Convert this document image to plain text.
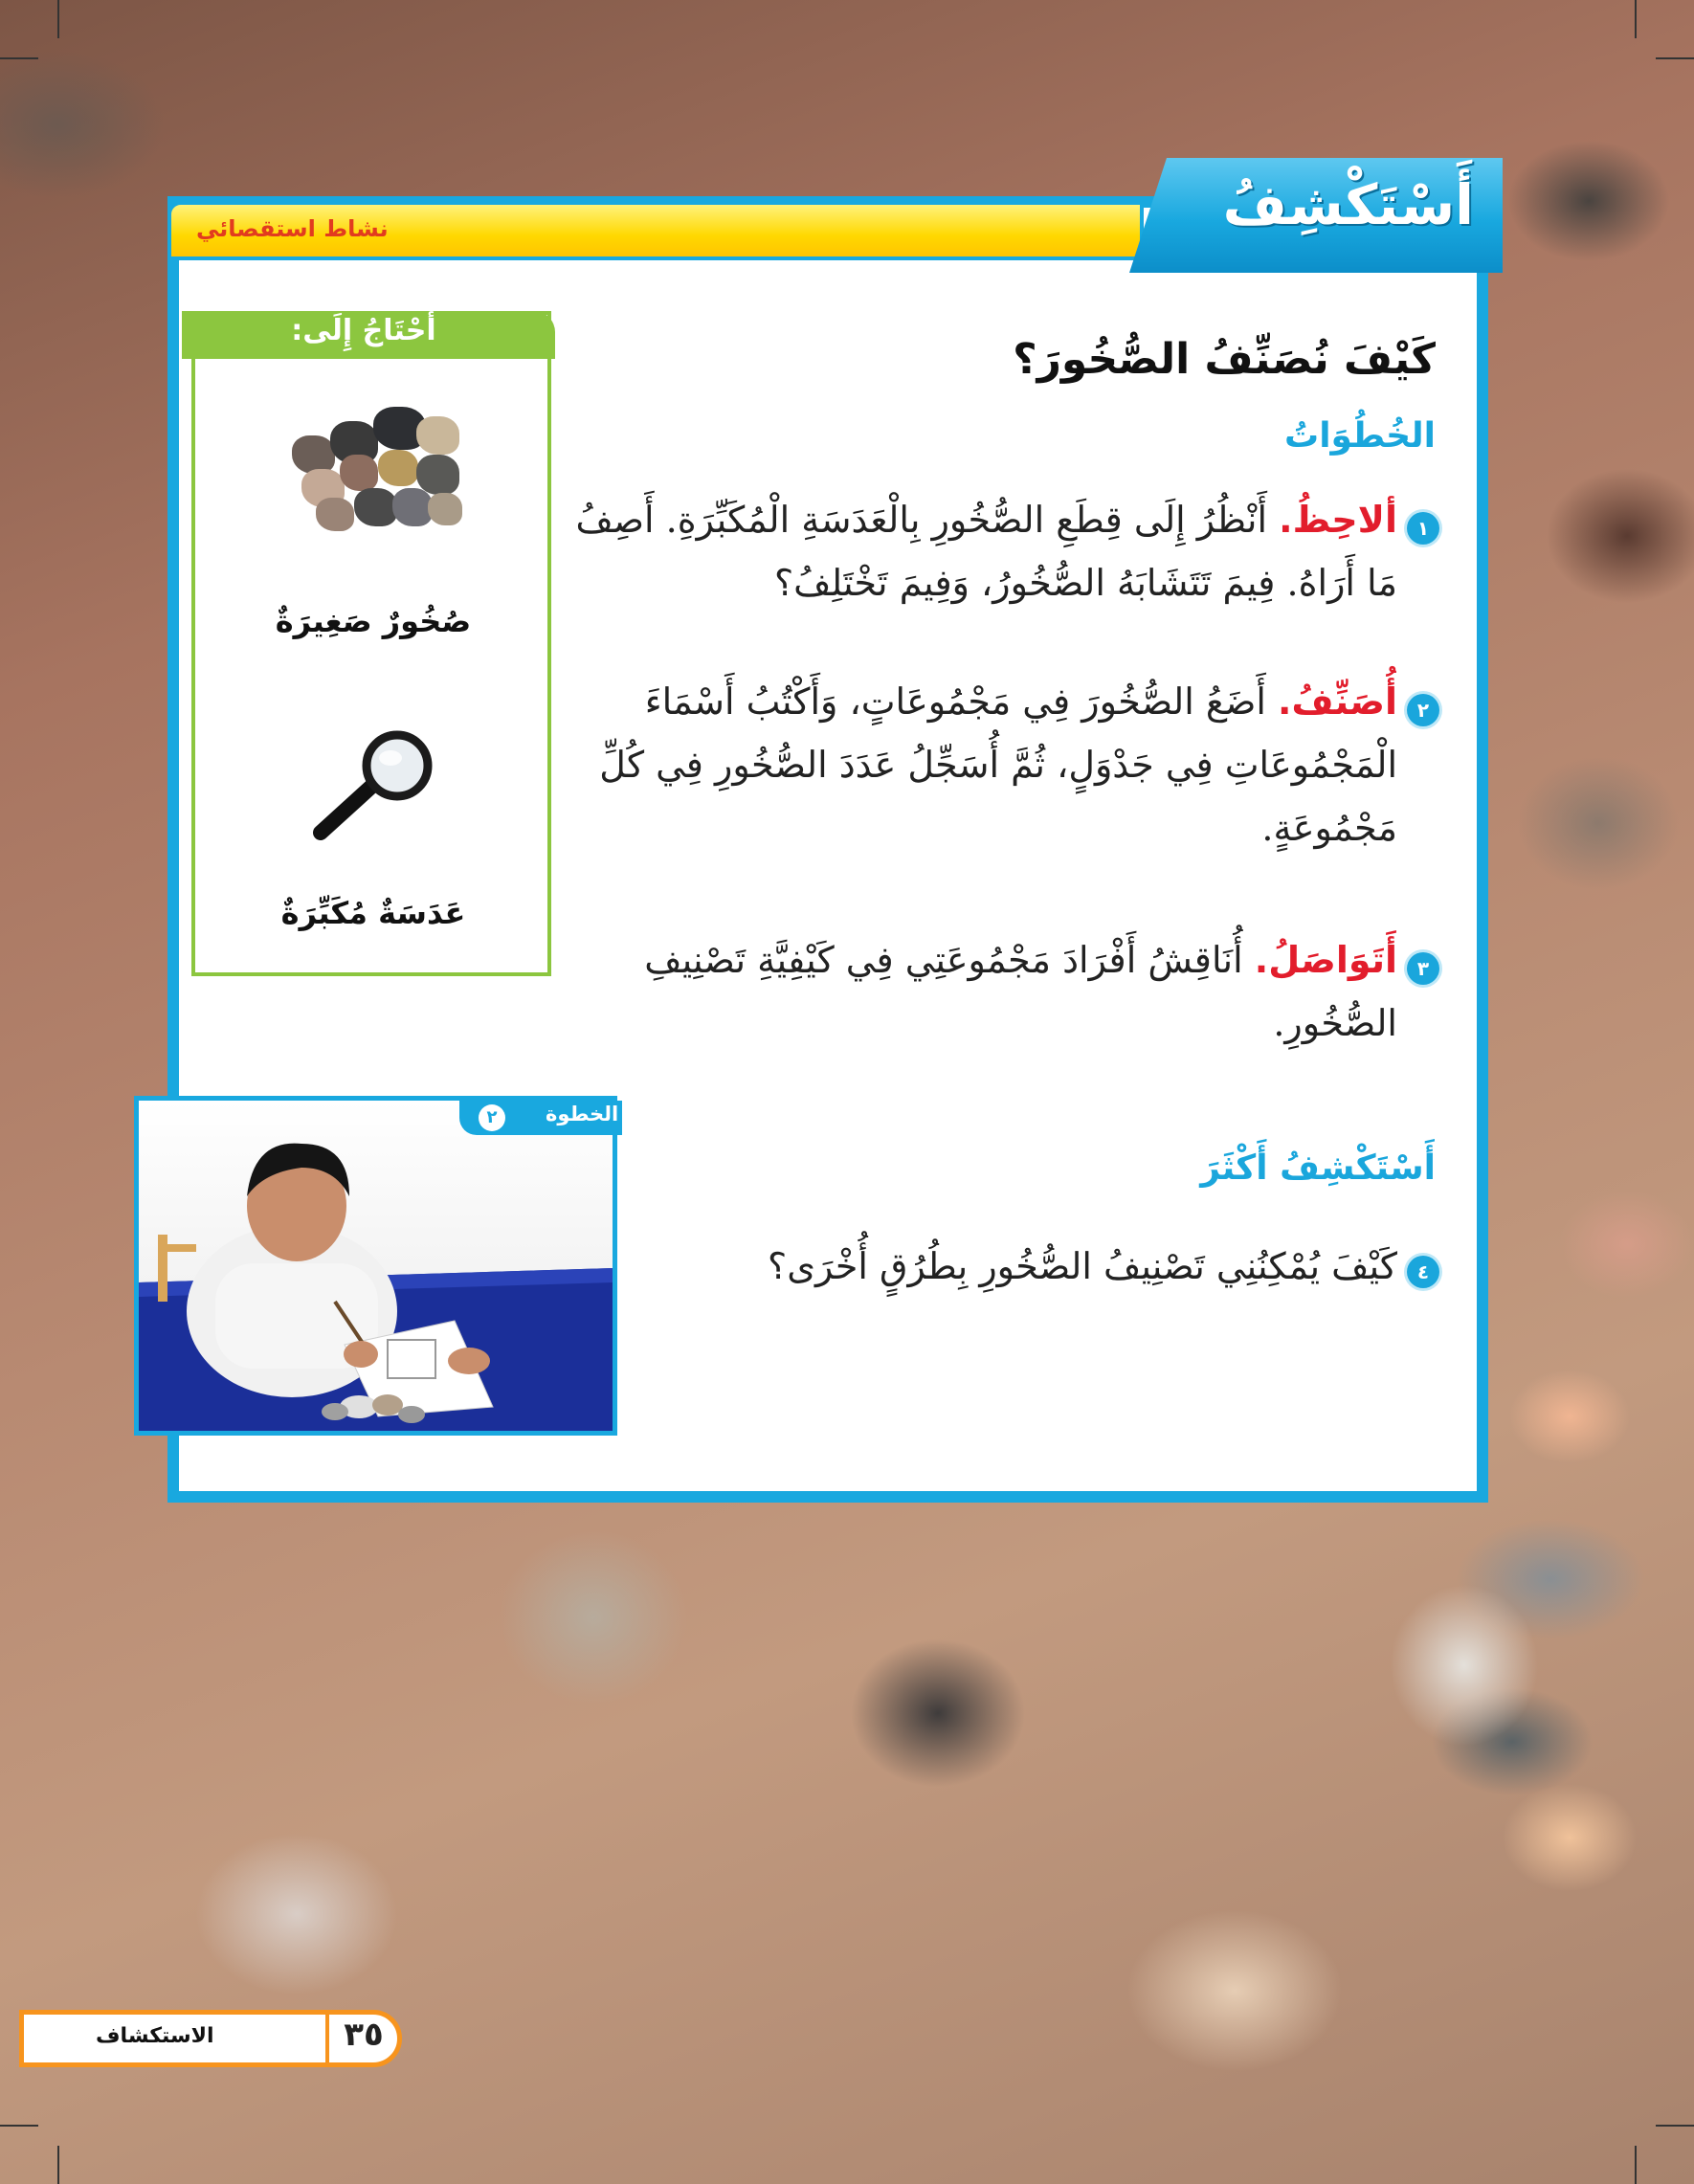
نشاط استقصائي	أَسْتَكْشِفُ
أَحْتَاجُ إِلَى:
صُخُورٌ صَغِيرَةٌ
عَدَسَةٌ مُكَبِّرَةٌ
كَيْفَ نُصَنِّفُ الصُّخُورَ؟
الخُطُوَاتُ
١
ألاحِظُ. أَنْظُرُ إِلَى قِطَعِ الصُّخُورِ بِالْعَدَسَةِ الْمُكَبِّرَةِ. أَصِفُ مَا أَرَاهُ. فِيمَ تَتَشَابَهُ الصُّخُورُ، وَفِيمَ تَخْتَلِفُ؟
٢
أُصَنِّفُ. أَضَعُ الصُّخُورَ فِي مَجْمُوعَاتٍ، وَأَكْتُبُ أَسْمَاءَ الْمَجْمُوعَاتِ فِي جَدْوَلٍ، ثُمَّ أُسَجِّلُ عَدَدَ الصُّخُورِ فِي كُلِّ مَجْمُوعَةٍ.
٣
أَتَوَاصَلُ. أُنَاقِشُ أَفْرَادَ مَجْمُوعَتِي فِي كَيْفِيَّةِ تَصْنِيفِ الصُّخُورِ.
أَسْتَكْشِفُ أَكْثَرَ
٤
كَيْفَ يُمْكِنُنِي تَصْنِيفُ الصُّخُورِ بِطُرُقٍ أُخْرَى؟
الخطوة
٢
٣٥
الاستكشاف
